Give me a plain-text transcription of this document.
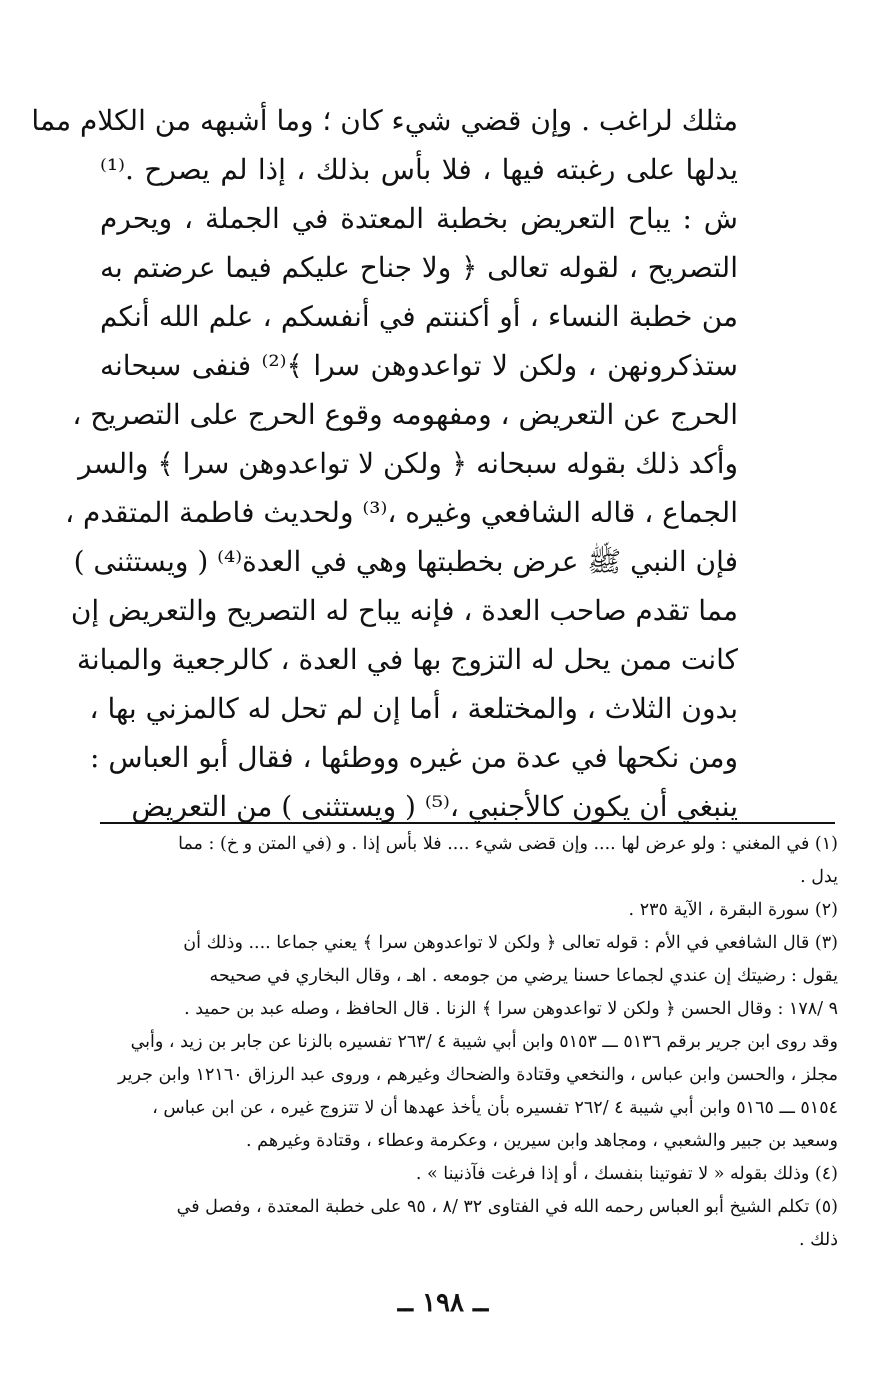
مثلك لراغب . وإن قضي شيء كان ؛ وما أشبهه من الكلام مما
يدلها على رغبته فيها ، فلا بأس بذلك ، إذا لم يصرح .⁽¹⁾
ش : يباح التعريض بخطبة المعتدة في الجملة ، ويحرم
التصريح ، لقوله تعالى ﴿ ولا جناح عليكم فيما عرضتم به
من خطبة النساء ، أو أكننتم في أنفسكم ، علم الله أنكم
ستذكرونهن ، ولكن لا تواعدوهن سرا ﴾⁽²⁾ فنفى سبحانه
الحرج عن التعريض ، ومفهومه وقوع الحرج على التصريح ،
وأكد ذلك بقوله سبحانه ﴿ ولكن لا تواعدوهن سرا ﴾ والسر
الجماع ، قاله الشافعي وغيره ،⁽³⁾ ولحديث فاطمة المتقدم ،
فإن النبي ﷺ عرض بخطبتها وهي في العدة⁽⁴⁾ ( ويستثنى )
مما تقدم صاحب العدة ، فإنه يباح له التصريح والتعريض إن
كانت ممن يحل له التزوج بها في العدة ، كالرجعية والمبانة
بدون الثلاث ، والمختلعة ، أما إن لم تحل له كالمزني بها ،
ومن نكحها في عدة من غيره ووطئها ، فقال أبو العباس :
ينبغي أن يكون كالأجنبي ،⁽⁵⁾ ( ويستثنى ) من التعريض
(١) في المغني : ولو عرض لها .... وإن قضى شيء .... فلا بأس إذا . و (في المتن و خ) : مما
يدل .
(٢) سورة البقرة ، الآية ٢٣٥ .
(٣) قال الشافعي في الأم : قوله تعالى ﴿ ولكن لا تواعدوهن سرا ﴾ يعني جماعا .... وذلك أن
يقول : رضيتك إن عندي لجماعا حسنا يرضي من جومعه . اهـ ، وقال البخاري في صحيحه
٩ /١٧٨ : وقال الحسن ﴿ ولكن لا تواعدوهن سرا ﴾ الزنا . قال الحافظ ، وصله عبد بن حميد .
وقد روى ابن جرير برقم ٥١٣٦ ـــ ٥١٥٣ وابن أبي شيبة ٤ /٢٦٣ تفسيره بالزنا عن جابر بن زيد ، وأبي
مجلز ، والحسن وابن عباس ، والنخعي وقتادة والضحاك وغيرهم ، وروى عبد الرزاق ١٢١٦٠ وابن جرير
٥١٥٤ ـــ ٥١٦٥ وابن أبي شيبة ٤ /٢٦٢ تفسيره بأن يأخذ عهدها أن لا تتزوج غيره ، عن ابن عباس ،
وسعيد بن جبير والشعبي ، ومجاهد وابن سيرين ، وعكرمة وعطاء ، وقتادة وغيرهم .
(٤) وذلك بقوله « لا تفوتينا بنفسك ، أو إذا فرغت فآذنينا » .
(٥) تكلم الشيخ أبو العباس رحمه الله في الفتاوى ٣٢ /٨ ، ٩٥ على خطبة المعتدة ، وفصل في
ذلك .
ــ ١٩٨ ــ
